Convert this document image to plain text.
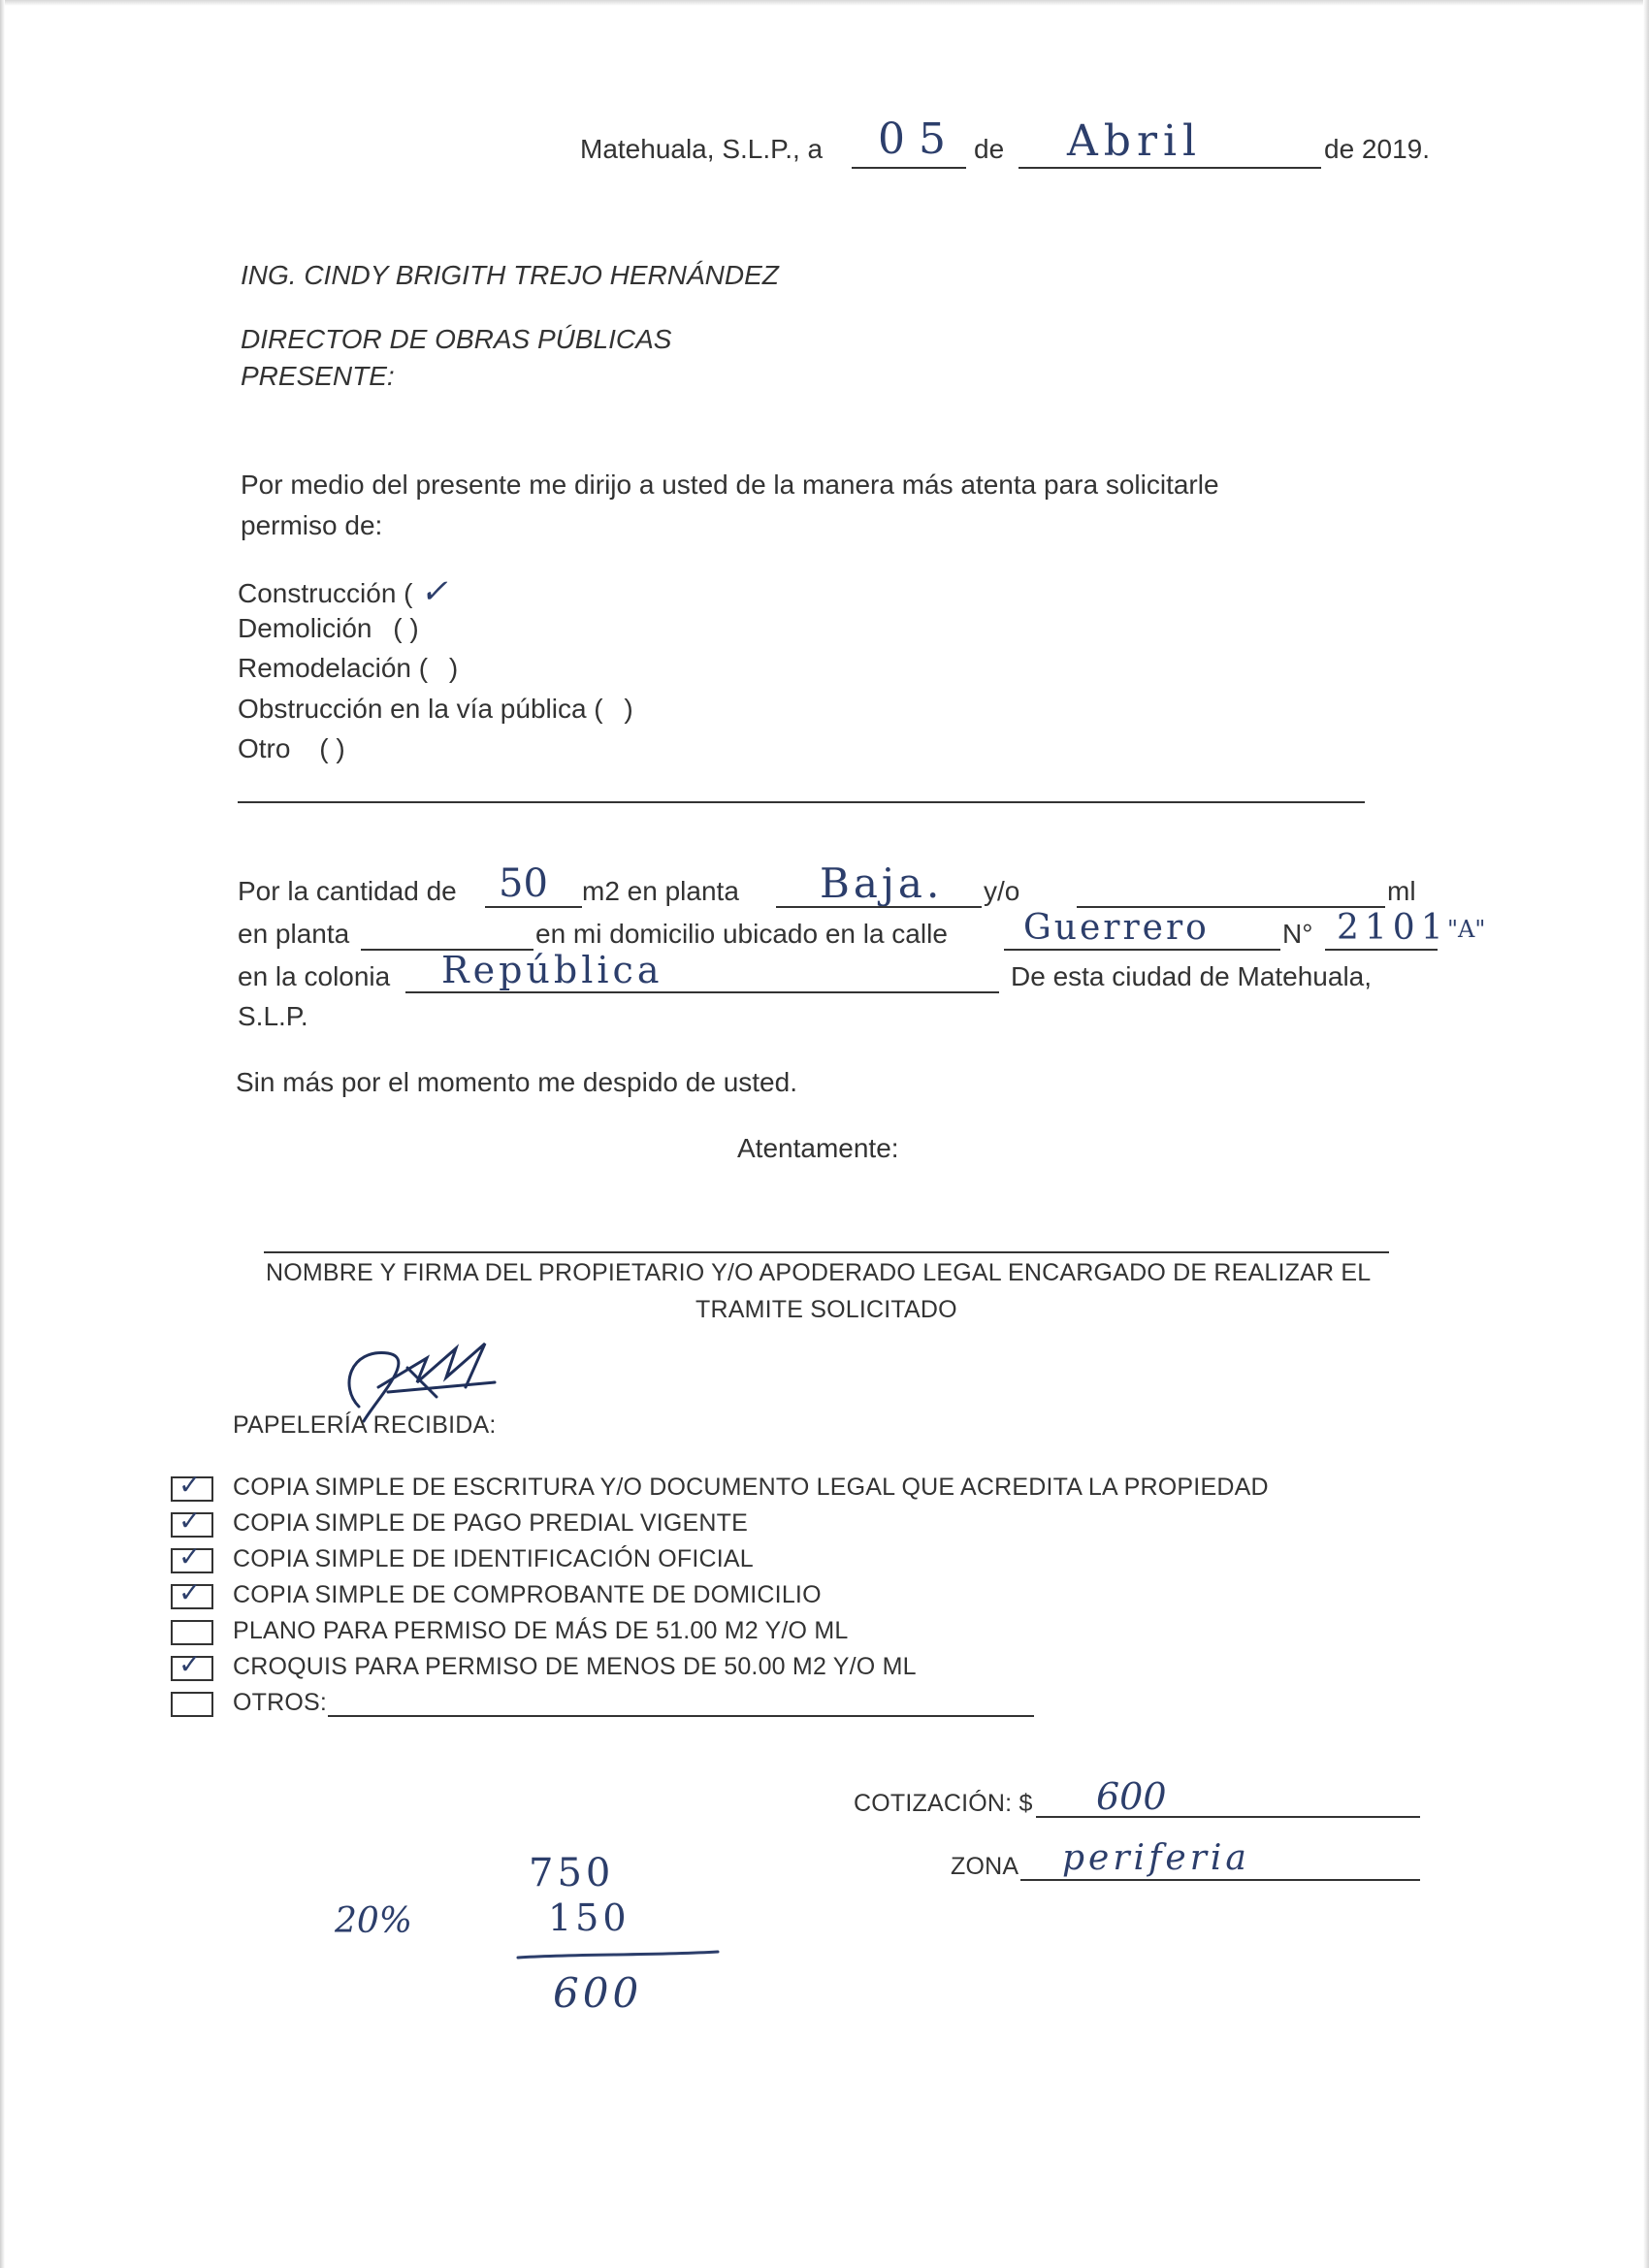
Matehuala, S.L.P., a 0 5 de Abril	de 2019.
ING. CINDY BRIGITH TREJO HERNÁNDEZ
DIRECTOR DE OBRAS PÚBLICAS
PRESENTE:
Por medio del presente me dirijo a usted de la manera más atenta para solicitarle
permiso de:
Construcción ( ✓
Demolición ( )
Remodelación ( )
Obstrucción en la vía pública ( )
Otro ( )
Por la cantidad de 50 m2 en planta Baja. y/o	ml
en planta	en mi domicilio ubicado en la calle Guerrero	N° 2101
"A"
en la colonia República	De esta ciudad de Matehuala,
S.L.P.
Sin más por el momento me despido de usted.
Atentamente:
NOMBRE Y FIRMA DEL PROPIETARIO Y/O APODERADO LEGAL ENCARGADO DE REALIZAR EL
TRAMITE SOLICITADO
PAPELERÍA RECIBIDA:
✓ COPIA SIMPLE DE ESCRITURA Y/O DOCUMENTO LEGAL QUE ACREDITA LA PROPIEDAD
✓ COPIA SIMPLE DE PAGO PREDIAL VIGENTE
✓ COPIA SIMPLE DE IDENTIFICACIÓN OFICIAL
✓ COPIA SIMPLE DE COMPROBANTE DE DOMICILIO
PLANO PARA PERMISO DE MÁS DE 51.00 M2 Y/O ML
✓ CROQUIS PARA PERMISO DE MENOS DE 50.00 M2 Y/O ML
OTROS:
COTIZACIÓN: $ 600
ZONA periferia
750
20%	150
600
